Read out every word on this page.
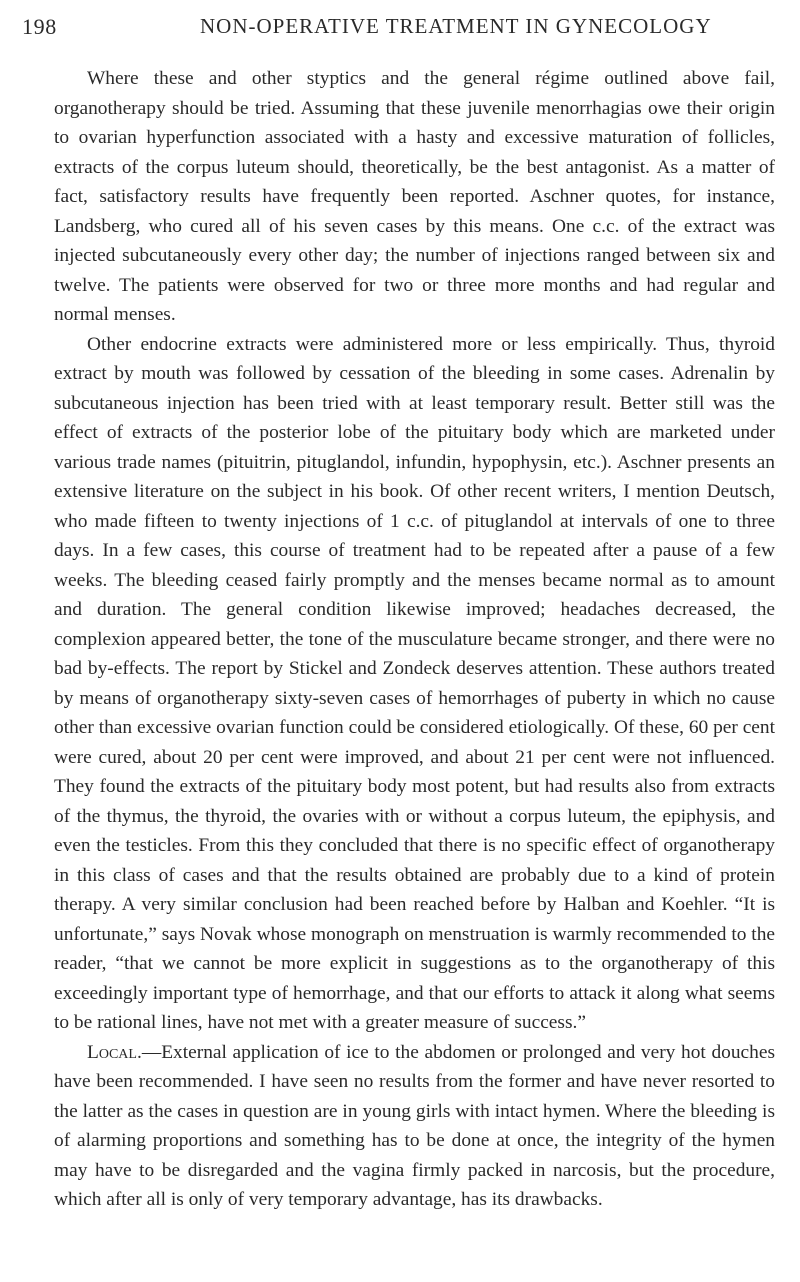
198	NON-OPERATIVE TREATMENT IN GYNECOLOGY

Where these and other styptics and the general régime outlined above fail, organotherapy should be tried. Assuming that these juvenile menorrhagias owe their origin to ovarian hyperfunction associated with a hasty and excessive maturation of follicles, extracts of the corpus luteum should, theoretically, be the best antagonist. As a matter of fact, satisfactory results have frequently been reported. Aschner quotes, for instance, Landsberg, who cured all of his seven cases by this means. One c.c. of the extract was injected subcutaneously every other day; the number of injections ranged between six and twelve. The patients were observed for two or three more months and had regular and normal menses.

Other endocrine extracts were administered more or less empirically. Thus, thyroid extract by mouth was followed by cessation of the bleeding in some cases. Adrenalin by subcutaneous injection has been tried with at least temporary result. Better still was the effect of extracts of the posterior lobe of the pituitary body which are marketed under various trade names (pituitrin, pituglandol, infundin, hypophysin, etc.). Aschner presents an extensive literature on the subject in his book. Of other recent writers, I mention Deutsch, who made fifteen to twenty injections of 1 c.c. of pituglandol at intervals of one to three days. In a few cases, this course of treatment had to be repeated after a pause of a few weeks. The bleeding ceased fairly promptly and the menses became normal as to amount and duration. The general condition likewise improved; headaches decreased, the complexion appeared better, the tone of the musculature became stronger, and there were no bad by-effects. The report by Stickel and Zondeck deserves attention. These authors treated by means of organotherapy sixty-seven cases of hemorrhages of puberty in which no cause other than excessive ovarian function could be considered etiologically. Of these, 60 per cent were cured, about 20 per cent were improved, and about 21 per cent were not influenced. They found the extracts of the pituitary body most potent, but had results also from extracts of the thymus, the thyroid, the ovaries with or without a corpus luteum, the epiphysis, and even the testicles. From this they concluded that there is no specific effect of organotherapy in this class of cases and that the results obtained are probably due to a kind of protein therapy. A very similar conclusion had been reached before by Halban and Koehler. “It is unfortunate,” says Novak whose monograph on menstruation is warmly recommended to the reader, “that we cannot be more explicit in suggestions as to the organotherapy of this exceedingly important type of hemorrhage, and that our efforts to attack it along what seems to be rational lines, have not met with a greater measure of success.”

Local.—External application of ice to the abdomen or prolonged and very hot douches have been recommended. I have seen no results from the former and have never resorted to the latter as the cases in question are in young girls with intact hymen. Where the bleeding is of alarming proportions and something has to be done at once, the integrity of the hymen may have to be disregarded and the vagina firmly packed in narcosis, but the procedure, which after all is only of very temporary advantage, has its drawbacks.
